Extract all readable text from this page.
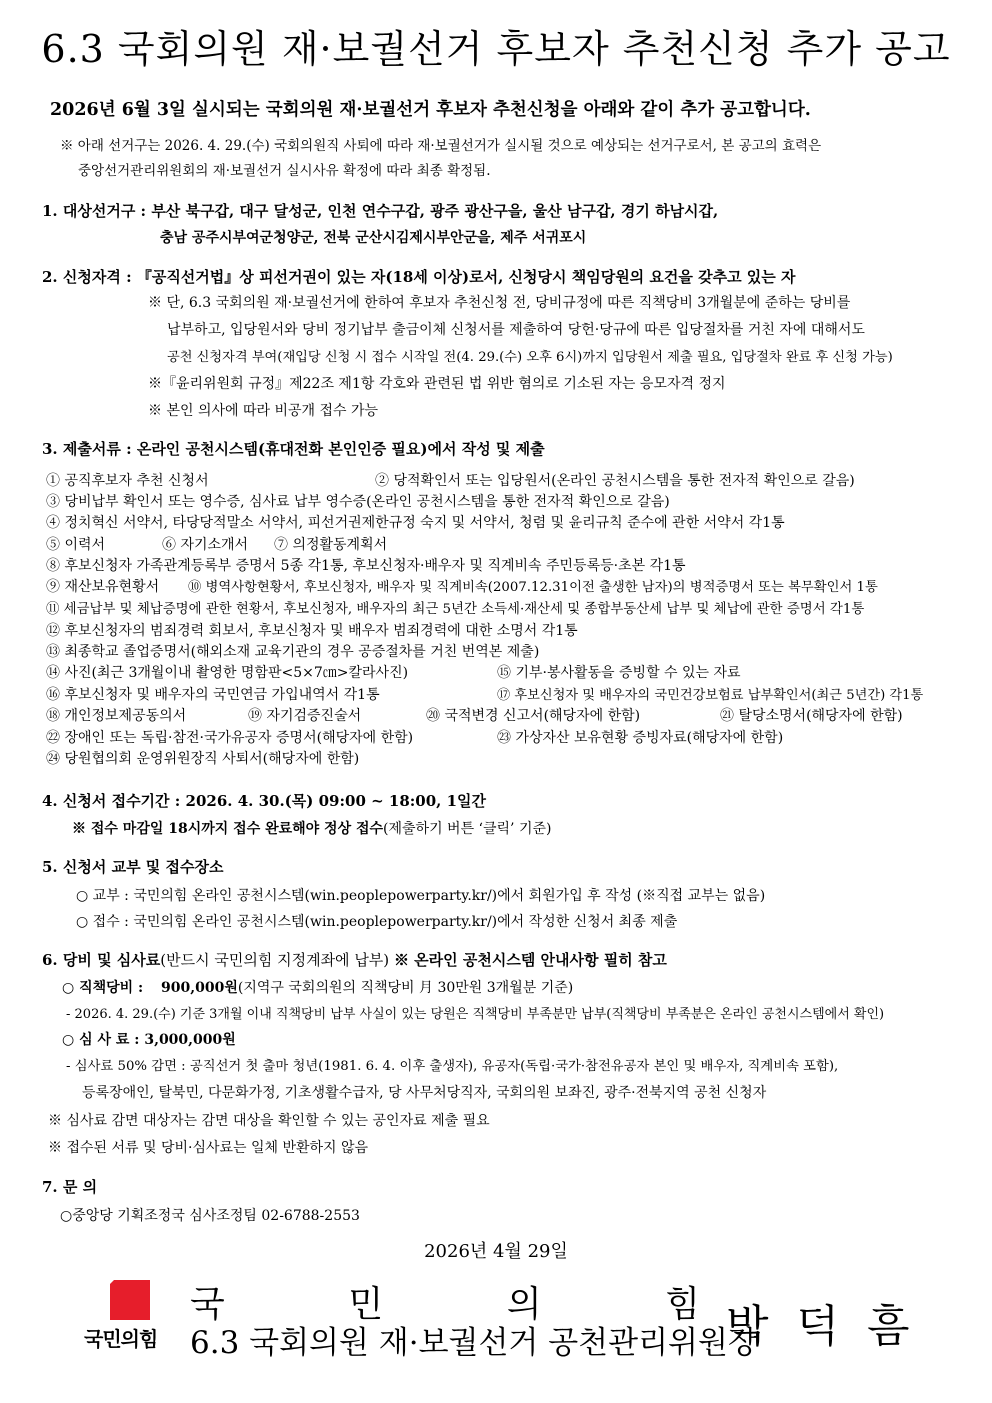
6.3 국회의원 재·보궐선거 후보자 추천신청 추가 공고
2026년 6월 3일 실시되는 국회의원 재·보궐선거 후보자 추천신청을 아래와 같이 추가 공고합니다.
※ 아래 선거구는 2026. 4. 29.(수) 국회의원직 사퇴에 따라 재·보궐선거가 실시될 것으로 예상되는 선거구로서, 본 공고의 효력은
중앙선거관리위원회의 재·보궐선거 실시사유 확정에 따라 최종 확정됨.
1. 대상선거구 : 부산 북구갑, 대구 달성군, 인천 연수구갑, 광주 광산구을, 울산 남구갑, 경기 하남시갑,
충남 공주시부여군청양군, 전북 군산시김제시부안군을, 제주 서귀포시
2. 신청자격 : 『공직선거법』상 피선거권이 있는 자(18세 이상)로서, 신청당시 책임당원의 요건을 갖추고 있는 자
※ 단, 6.3 국회의원 재·보궐선거에 한하여 후보자 추천신청 전, 당비규정에 따른 직책당비 3개월분에 준하는 당비를
납부하고, 입당원서와 당비 정기납부 출금이체 신청서를 제출하여 당헌·당규에 따른 입당절차를 거친 자에 대해서도
공천 신청자격 부여(재입당 신청 시 접수 시작일 전(4. 29.(수) 오후 6시)까지 입당원서 제출 필요, 입당절차 완료 후 신청 가능)
※『윤리위원회 규정』제22조 제1항 각호와 관련된 법 위반 혐의로 기소된 자는 응모자격 정지
※ 본인 의사에 따라 비공개 접수 가능
3. 제출서류 : 온라인 공천시스템(휴대전화 본인인증 필요)에서 작성 및 제출
① 공직후보자 추천 신청서	② 당적확인서 또는 입당원서(온라인 공천시스템을 통한 전자적 확인으로 갈음)
③ 당비납부 확인서 또는 영수증, 심사료 납부 영수증(온라인 공천시스템을 통한 전자적 확인으로 갈음)
④ 정치혁신 서약서, 타당당적말소 서약서, 피선거권제한규정 숙지 및 서약서, 청렴 및 윤리규칙 준수에 관한 서약서 각1통
⑤ 이력서	⑥ 자기소개서 ⑦ 의정활동계획서
⑧ 후보신청자 가족관계등록부 증명서 5종 각1통, 후보신청자·배우자 및 직계비속 주민등록등·초본 각1통
⑨ 재산보유현황서 ⑩ 병역사항현황서, 후보신청자, 배우자 및 직계비속(2007.12.31이전 출생한 남자)의 병적증명서 또는 복무확인서 1통
⑪ 세금납부 및 체납증명에 관한 현황서, 후보신청자, 배우자의 최근 5년간 소득세·재산세 및 종합부동산세 납부 및 체납에 관한 증명서 각1통
⑫ 후보신청자의 범죄경력 회보서, 후보신청자 및 배우자 범죄경력에 대한 소명서 각1통
⑬ 최종학교 졸업증명서(해외소재 교육기관의 경우 공증절차를 거친 번역본 제출)
⑭ 사진(최근 3개월이내 촬영한 명함판<5×7㎝>칼라사진)	⑮ 기부·봉사활동을 증빙할 수 있는 자료
⑯ 후보신청자 및 배우자의 국민연금 가입내역서 각1통	⑰ 후보신청자 및 배우자의 국민건강보험료 납부확인서(최근 5년간) 각1통
⑱ 개인정보제공동의서	⑲ 자기검증진술서	⑳ 국적변경 신고서(해당자에 한함)	㉑ 탈당소명서(해당자에 한함)
㉒ 장애인 또는 독립·참전·국가유공자 증명서(해당자에 한함)	㉓ 가상자산 보유현황 증빙자료(해당자에 한함)
㉔ 당원협의회 운영위원장직 사퇴서(해당자에 한함)
4. 신청서 접수기간 : 2026. 4. 30.(목) 09:00 ~ 18:00, 1일간
※ 접수 마감일 18시까지 접수 완료해야 정상 접수(제출하기 버튼 ‘클릭’ 기준)
5. 신청서 교부 및 접수장소
○ 교부 : 국민의힘 온라인 공천시스템(win.peoplepowerparty.kr/)에서 회원가입 후 작성 (※직접 교부는 없음)
○ 접수 : 국민의힘 온라인 공천시스템(win.peoplepowerparty.kr/)에서 작성한 신청서 최종 제출
6. 당비 및 심사료(반드시 국민의힘 지정계좌에 납부) ※ 온라인 공천시스템 안내사항 필히 참고
○ 직책당비 : 900,000원(지역구 국회의원의 직책당비 月 30만원 3개월분 기준)
- 2026. 4. 29.(수) 기준 3개월 이내 직책당비 납부 사실이 있는 당원은 직책당비 부족분만 납부(직책당비 부족분은 온라인 공천시스템에서 확인)
○ 심 사 료 : 3,000,000원
- 심사료 50% 감면 : 공직선거 첫 출마 청년(1981. 6. 4. 이후 출생자), 유공자(독립·국가·참전유공자 본인 및 배우자, 직계비속 포함),
등록장애인, 탈북민, 다문화가정, 기초생활수급자, 당 사무처당직자, 국회의원 보좌진, 광주·전북지역 공천 신청자
※ 심사료 감면 대상자는 감면 대상을 확인할 수 있는 공인자료 제출 필요
※ 접수된 서류 및 당비·심사료는 일체 반환하지 않음
7. 문 의
○중앙당 기획조정국 심사조정팀 02-6788-2553
2026년 4월 29일
국민의힘
국	민	의	힘
6.3 국회의원 재·보궐선거 공천관리위원장
박덕흠
